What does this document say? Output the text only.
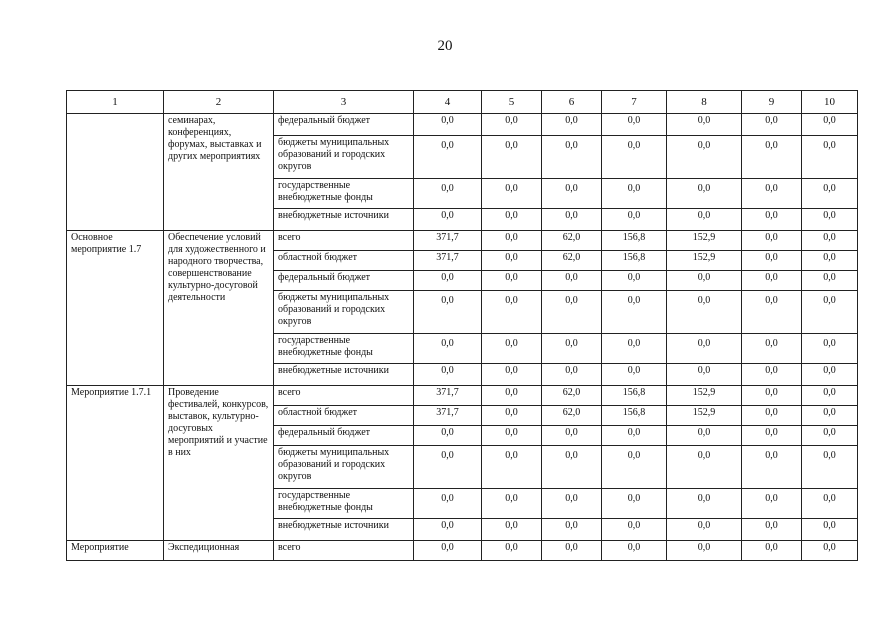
20
1	2	3	4	5	6	7	8	9	10
	семинарах, конференциях, форумах, выставках и других мероприятиях	федеральный бюджет	0,0	0,0	0,0	0,0	0,0	0,0	0,0
		бюджеты муниципальных образований и городских округов	0,0	0,0	0,0	0,0	0,0	0,0	0,0
		государственные внебюджетные фонды	0,0	0,0	0,0	0,0	0,0	0,0	0,0
		внебюджетные источники	0,0	0,0	0,0	0,0	0,0	0,0	0,0
Основное мероприятие 1.7	Обеспечение условий для художественного и народного творчества, совершенствование культурно-досуговой деятельности	всего	371,7	0,0	62,0	156,8	152,9	0,0	0,0
		областной бюджет	371,7	0,0	62,0	156,8	152,9	0,0	0,0
		федеральный бюджет	0,0	0,0	0,0	0,0	0,0	0,0	0,0
		бюджеты муниципальных образований и городских округов	0,0	0,0	0,0	0,0	0,0	0,0	0,0
		государственные внебюджетные фонды	0,0	0,0	0,0	0,0	0,0	0,0	0,0
		внебюджетные источники	0,0	0,0	0,0	0,0	0,0	0,0	0,0
Мероприятие 1.7.1	Проведение фестивалей, конкурсов, выставок, культурно-досуговых мероприятий и участие в них	всего	371,7	0,0	62,0	156,8	152,9	0,0	0,0
		областной бюджет	371,7	0,0	62,0	156,8	152,9	0,0	0,0
		федеральный бюджет	0,0	0,0	0,0	0,0	0,0	0,0	0,0
		бюджеты муниципальных образований и городских округов	0,0	0,0	0,0	0,0	0,0	0,0	0,0
		государственные внебюджетные фонды	0,0	0,0	0,0	0,0	0,0	0,0	0,0
		внебюджетные источники	0,0	0,0	0,0	0,0	0,0	0,0	0,0
Мероприятие	Экспедиционная	всего	0,0	0,0	0,0	0,0	0,0	0,0	0,0
